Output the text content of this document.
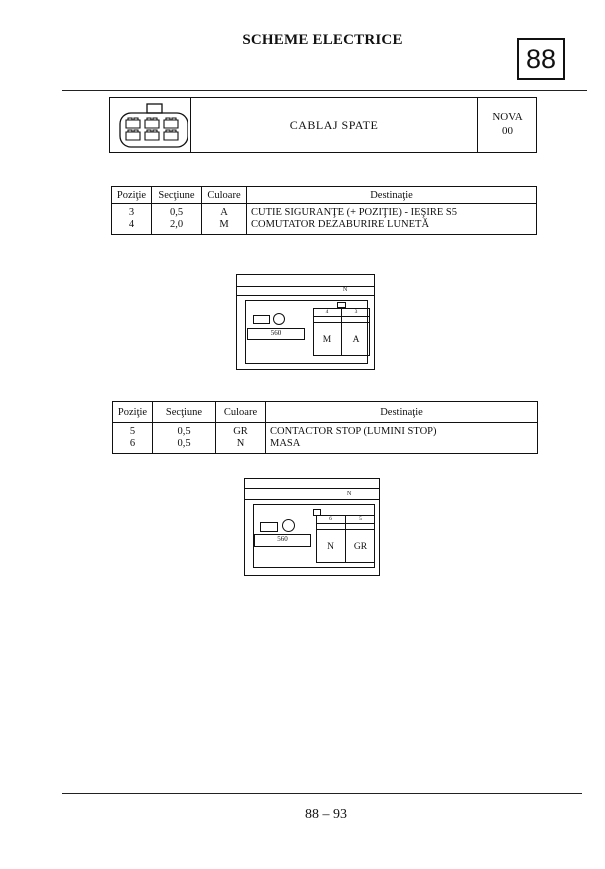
SCHEME ELECTRICE
88
CABLAJ SPATE
NOVA
00
Poziţie	Secţiune	Culoare	Destinaţie
3	0,5	A	CUTIE SIGURANŢE (+ POZIŢIE) - IEŞIRE S5
4	2,0	M	COMUTATOR DEZABURIRE LUNETĂ
N
560
4	3
M	A
Poziţie	Secţiune	Culoare	Destinaţie
5	0,5	GR	CONTACTOR STOP (LUMINI STOP)
6	0,5	N	MASA
N
560
6	5
N	GR
88 – 93
